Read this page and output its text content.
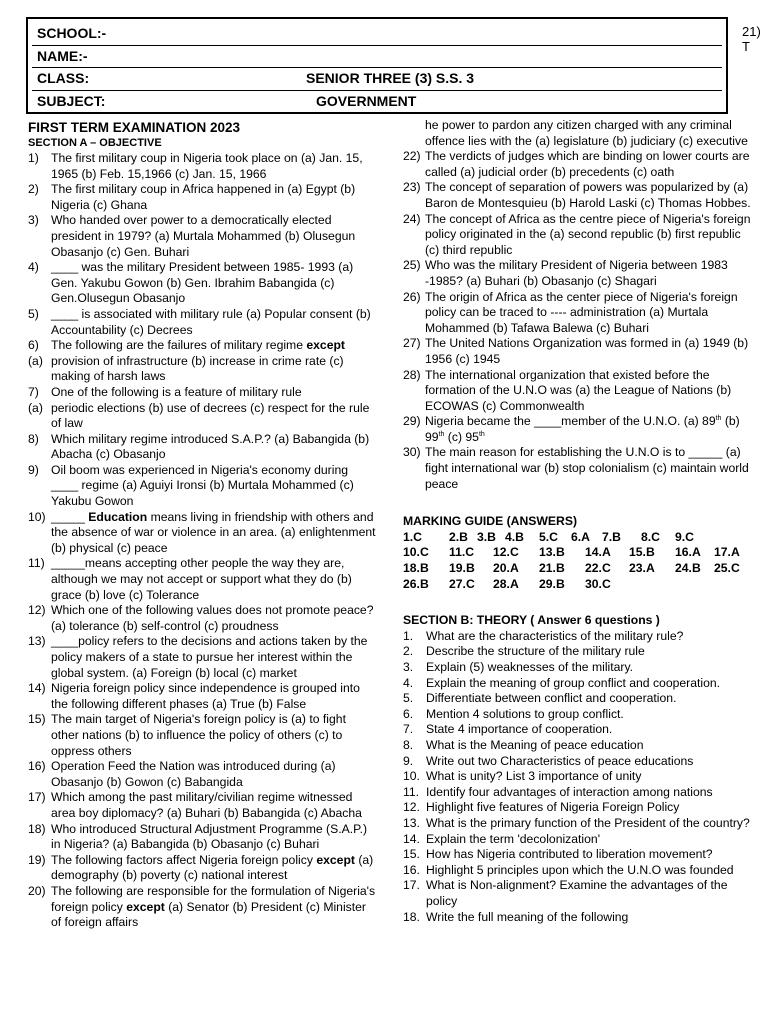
SCHOOL:-
NAME:-
CLASS:	SENIOR THREE (3) S.S. 3
SUBJECT:	GOVERNMENT
21)
T
FIRST TERM EXAMINATION 2023
SECTION A – OBJECTIVE
1) The first military coup in Nigeria took place on (a) Jan. 15, 1965 (b) Feb. 15,1966 (c) Jan. 15, 1966
2) The first military coup in Africa happened in (a) Egypt (b) Nigeria (c) Ghana
3) Who handed over power to a democratically elected president in 1979? (a) Murtala Mohammed (b) Olusegun Obasanjo (c) Gen. Buhari
4) ____ was the military President between 1985- 1993 (a) Gen. Yakubu Gowon (b) Gen. Ibrahim Babangida (c) Gen.Olusegun Obasanjo
5) ____ is associated with military rule (a) Popular consent (b) Accountability (c) Decrees
6) The following are the failures of military regime except
(a) provision of infrastructure (b) increase in crime rate (c) making of harsh laws
7) One of the following is a feature of military rule
(a) periodic elections (b) use of decrees (c) respect for the rule of law
8) Which military regime introduced S.A.P.? (a) Babangida (b) Abacha (c) Obasanjo
9) Oil boom was experienced in Nigeria's economy during ____ regime (a) Aguiyi Ironsi (b) Murtala Mohammed (c) Yakubu Gowon
10) _____ Education means living in friendship with others and the absence of war or violence in an area. (a) enlightenment (b) physical (c) peace
11) _____means accepting other people the way they are, although we may not accept or support what they do (b) grace (b) love (c) Tolerance
12) Which one of the following values does not promote peace? (a) tolerance (b) self-control (c) proudness
13) ____policy refers to the decisions and actions taken by the policy makers of a state to pursue her interest within the global system. (a) Foreign (b) local (c) market
14) Nigeria foreign policy since independence is grouped into the following different phases (a) True (b) False
15) The main target of Nigeria's foreign policy is (a) to fight other nations (b) to influence the policy of others (c) to oppress others
16) Operation Feed the Nation was introduced during (a) Obasanjo (b) Gowon (c) Babangida
17) Which among the past military/civilian regime witnessed area boy diplomacy? (a) Buhari (b) Babangida (c) Abacha
18) Who introduced Structural Adjustment Programme (S.A.P.) in Nigeria? (a) Babangida (b) Obasanjo (c) Buhari
19) The following factors affect Nigeria foreign policy except (a) demography (b) poverty (c) national interest
20) The following are responsible for the formulation of Nigeria's foreign policy except (a) Senator (b) President (c) Minister of foreign affairs
he power to pardon any citizen charged with any criminal offence lies with the (a) legislature (b) judiciary (c) executive
22) The verdicts of judges which are binding on lower courts are called (a) judicial order (b) precedents (c) oath
23) The concept of separation of powers was popularized by (a) Baron de Montesquieu (b) Harold Laski (c) Thomas Hobbes.
24) The concept of Africa as the centre piece of Nigeria's foreign policy originated in the (a) second republic (b) first republic (c) third republic
25) Who was the military President of Nigeria between 1983 -1985? (a) Buhari (b) Obasanjo (c) Shagari
26) The origin of Africa as the center piece of Nigeria's foreign policy can be traced to ---- administration (a) Murtala Mohammed (b) Tafawa Balewa (c) Buhari
27) The United Nations Organization was formed in (a) 1949 (b) 1956 (c) 1945
28) The international organization that existed before the formation of the U.N.O was (a) the League of Nations (b) ECOWAS (c) Commonwealth
29) Nigeria became the ____member of the U.N.O. (a) 89th (b) 99th (c) 95th
30) The main reason for establishing the U.N.O is to _____ (a) fight international war (b) stop colonialism (c) maintain world peace
MARKING GUIDE (ANSWERS)
1.C 2.B 3.B 4.B 5.C 6.A 7.B 8.C 9.C
10.C 11.C 12.C 13.B 14.A 15.B 16.A 17.A
18.B 19.B 20.A 21.B 22.C 23.A 24.B 25.C
26.B 27.C 28.A 29.B 30.C
SECTION B: THEORY ( Answer 6 questions )
1.	What are the characteristics of the military rule?
2.	Describe the structure of the military rule
3.	Explain (5) weaknesses of the military.
4.	Explain the meaning of group conflict and cooperation.
5.	Differentiate between conflict and cooperation.
6.	Mention 4 solutions to group conflict.
7.	State 4 importance of cooperation.
8.	What is the Meaning of peace education
9.	Write out two Characteristics of peace educations
10. What is unity? List 3 importance of unity
11. Identify four advantages of interaction among nations
12. Highlight five features of Nigeria Foreign Policy
13. What is the primary function of the President of the country?
14. Explain the term 'decolonization'
15. How has Nigeria contributed to liberation movement?
16. Highlight 5 principles upon which the U.N.O was founded
17. What is Non-alignment? Examine the advantages of the policy
18. Write the full meaning of the following
